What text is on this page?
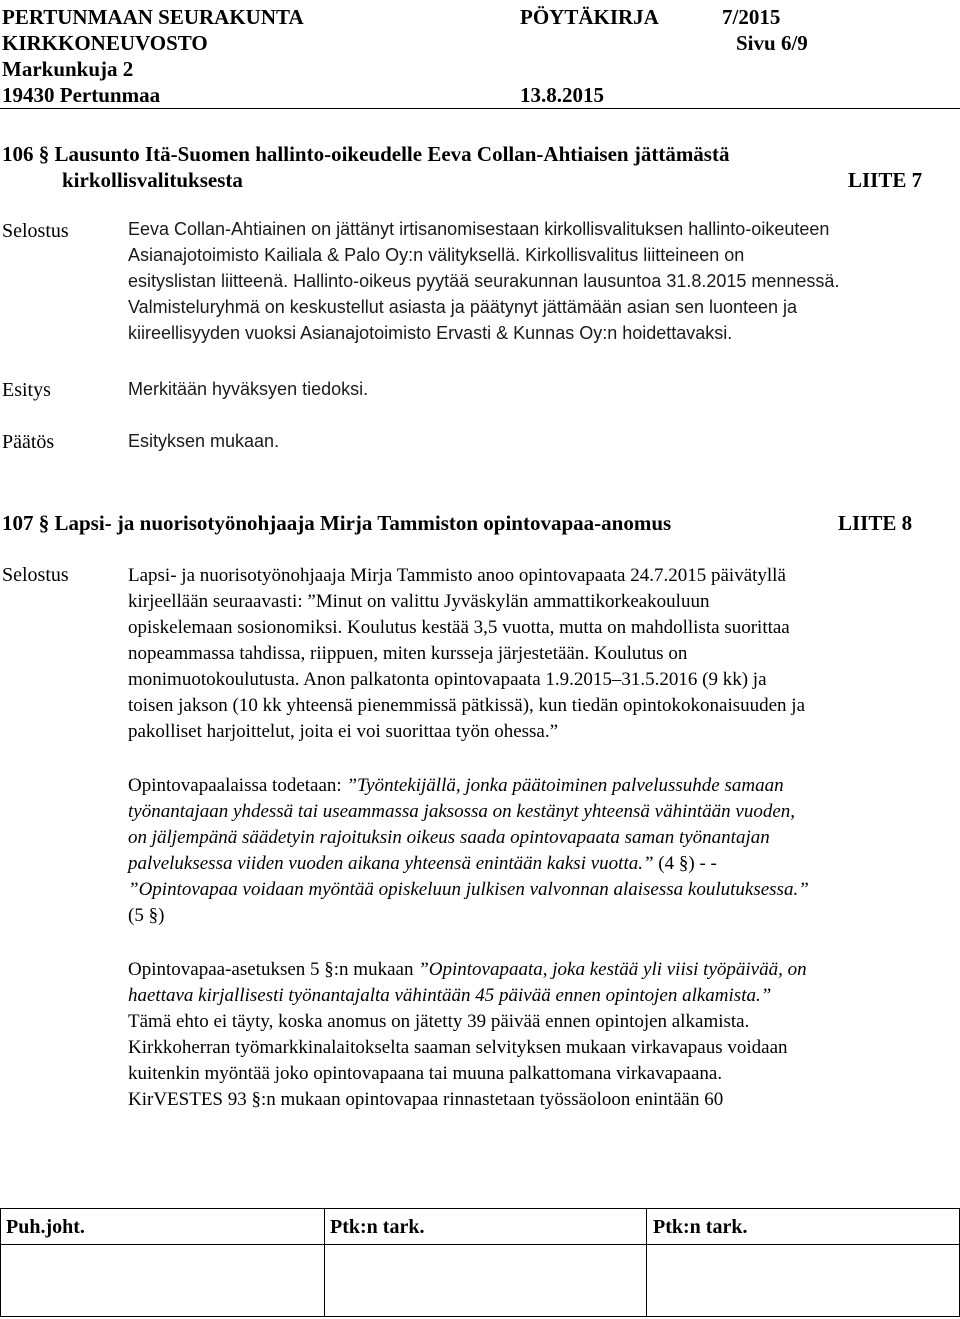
PERTUNMAAN SEURAKUNTA	PÖYTÄKIRJA	7/2015
KIRKKONEUVOSTO	Sivu 6/9
Markunkuja 2
19430 Pertunmaa	13.8.2015
106 § Lausunto Itä-Suomen hallinto-oikeudelle Eeva Collan-Ahtiaisen jättämästä
kirkollisvalituksesta	LIITE 7
Selostus	Eeva Collan-Ahtiainen on jättänyt irtisanomisestaan kirkollisvalituksen hallinto-oikeuteen
Asianajotoimisto Kailiala & Palo Oy:n välityksellä. Kirkollisvalitus liitteineen on
esityslistan liitteenä. Hallinto-oikeus pyytää seurakunnan lausuntoa 31.8.2015 mennessä.
Valmisteluryhmä on keskustellut asiasta ja päätynyt jättämään asian sen luonteen ja
kiireellisyyden vuoksi Asianajotoimisto Ervasti & Kunnas Oy:n hoidettavaksi.
Esitys	Merkitään hyväksyen tiedoksi.
Päätös	Esityksen mukaan.
107 § Lapsi- ja nuorisotyönohjaaja Mirja Tammiston opintovapaa-anomus	LIITE 8
Selostus	Lapsi- ja nuorisotyönohjaaja Mirja Tammisto anoo opintovapaata 24.7.2015 päivätyllä
kirjeellään seuraavasti: ”Minut on valittu Jyväskylän ammattikorkeakouluun
opiskelemaan sosionomiksi. Koulutus kestää 3,5 vuotta, mutta on mahdollista suorittaa
nopeammassa tahdissa, riippuen, miten kursseja järjestetään. Koulutus on
monimuotokoulutusta. Anon palkatonta opintovapaata 1.9.2015–31.5.2016 (9 kk) ja
toisen jakson (10 kk yhteensä pienemmissä pätkissä), kun tiedän opintokokonaisuuden ja
pakolliset harjoittelut, joita ei voi suorittaa työn ohessa.”
Opintovapaalaissa todetaan: ”Työntekijällä, jonka päätoiminen palvelussuhde samaan
työnantajaan yhdessä tai useammassa jaksossa on kestänyt yhteensä vähintään vuoden,
on jäljempänä säädetyin rajoituksin oikeus saada opintovapaata saman työnantajan
palveluksessa viiden vuoden aikana yhteensä enintään kaksi vuotta.” (4 §) - -
”Opintovapaa voidaan myöntää opiskeluun julkisen valvonnan alaisessa koulutuksessa.”
(5 §)
Opintovapaa-asetuksen 5 §:n mukaan ”Opintovapaata, joka kestää yli viisi työpäivää, on
haettava kirjallisesti työnantajalta vähintään 45 päivää ennen opintojen alkamista.”
Tämä ehto ei täyty, koska anomus on jätetty 39 päivää ennen opintojen alkamista.
Kirkkoherran työmarkkinalaitokselta saaman selvityksen mukaan virkavapaus voidaan
kuitenkin myöntää joko opintovapaana tai muuna palkattomana virkavapaana.
KirVESTES 93 §:n mukaan opintovapaa rinnastetaan työssäoloon enintään 60
Puh.joht.	Ptk:n tark.	Ptk:n tark.
